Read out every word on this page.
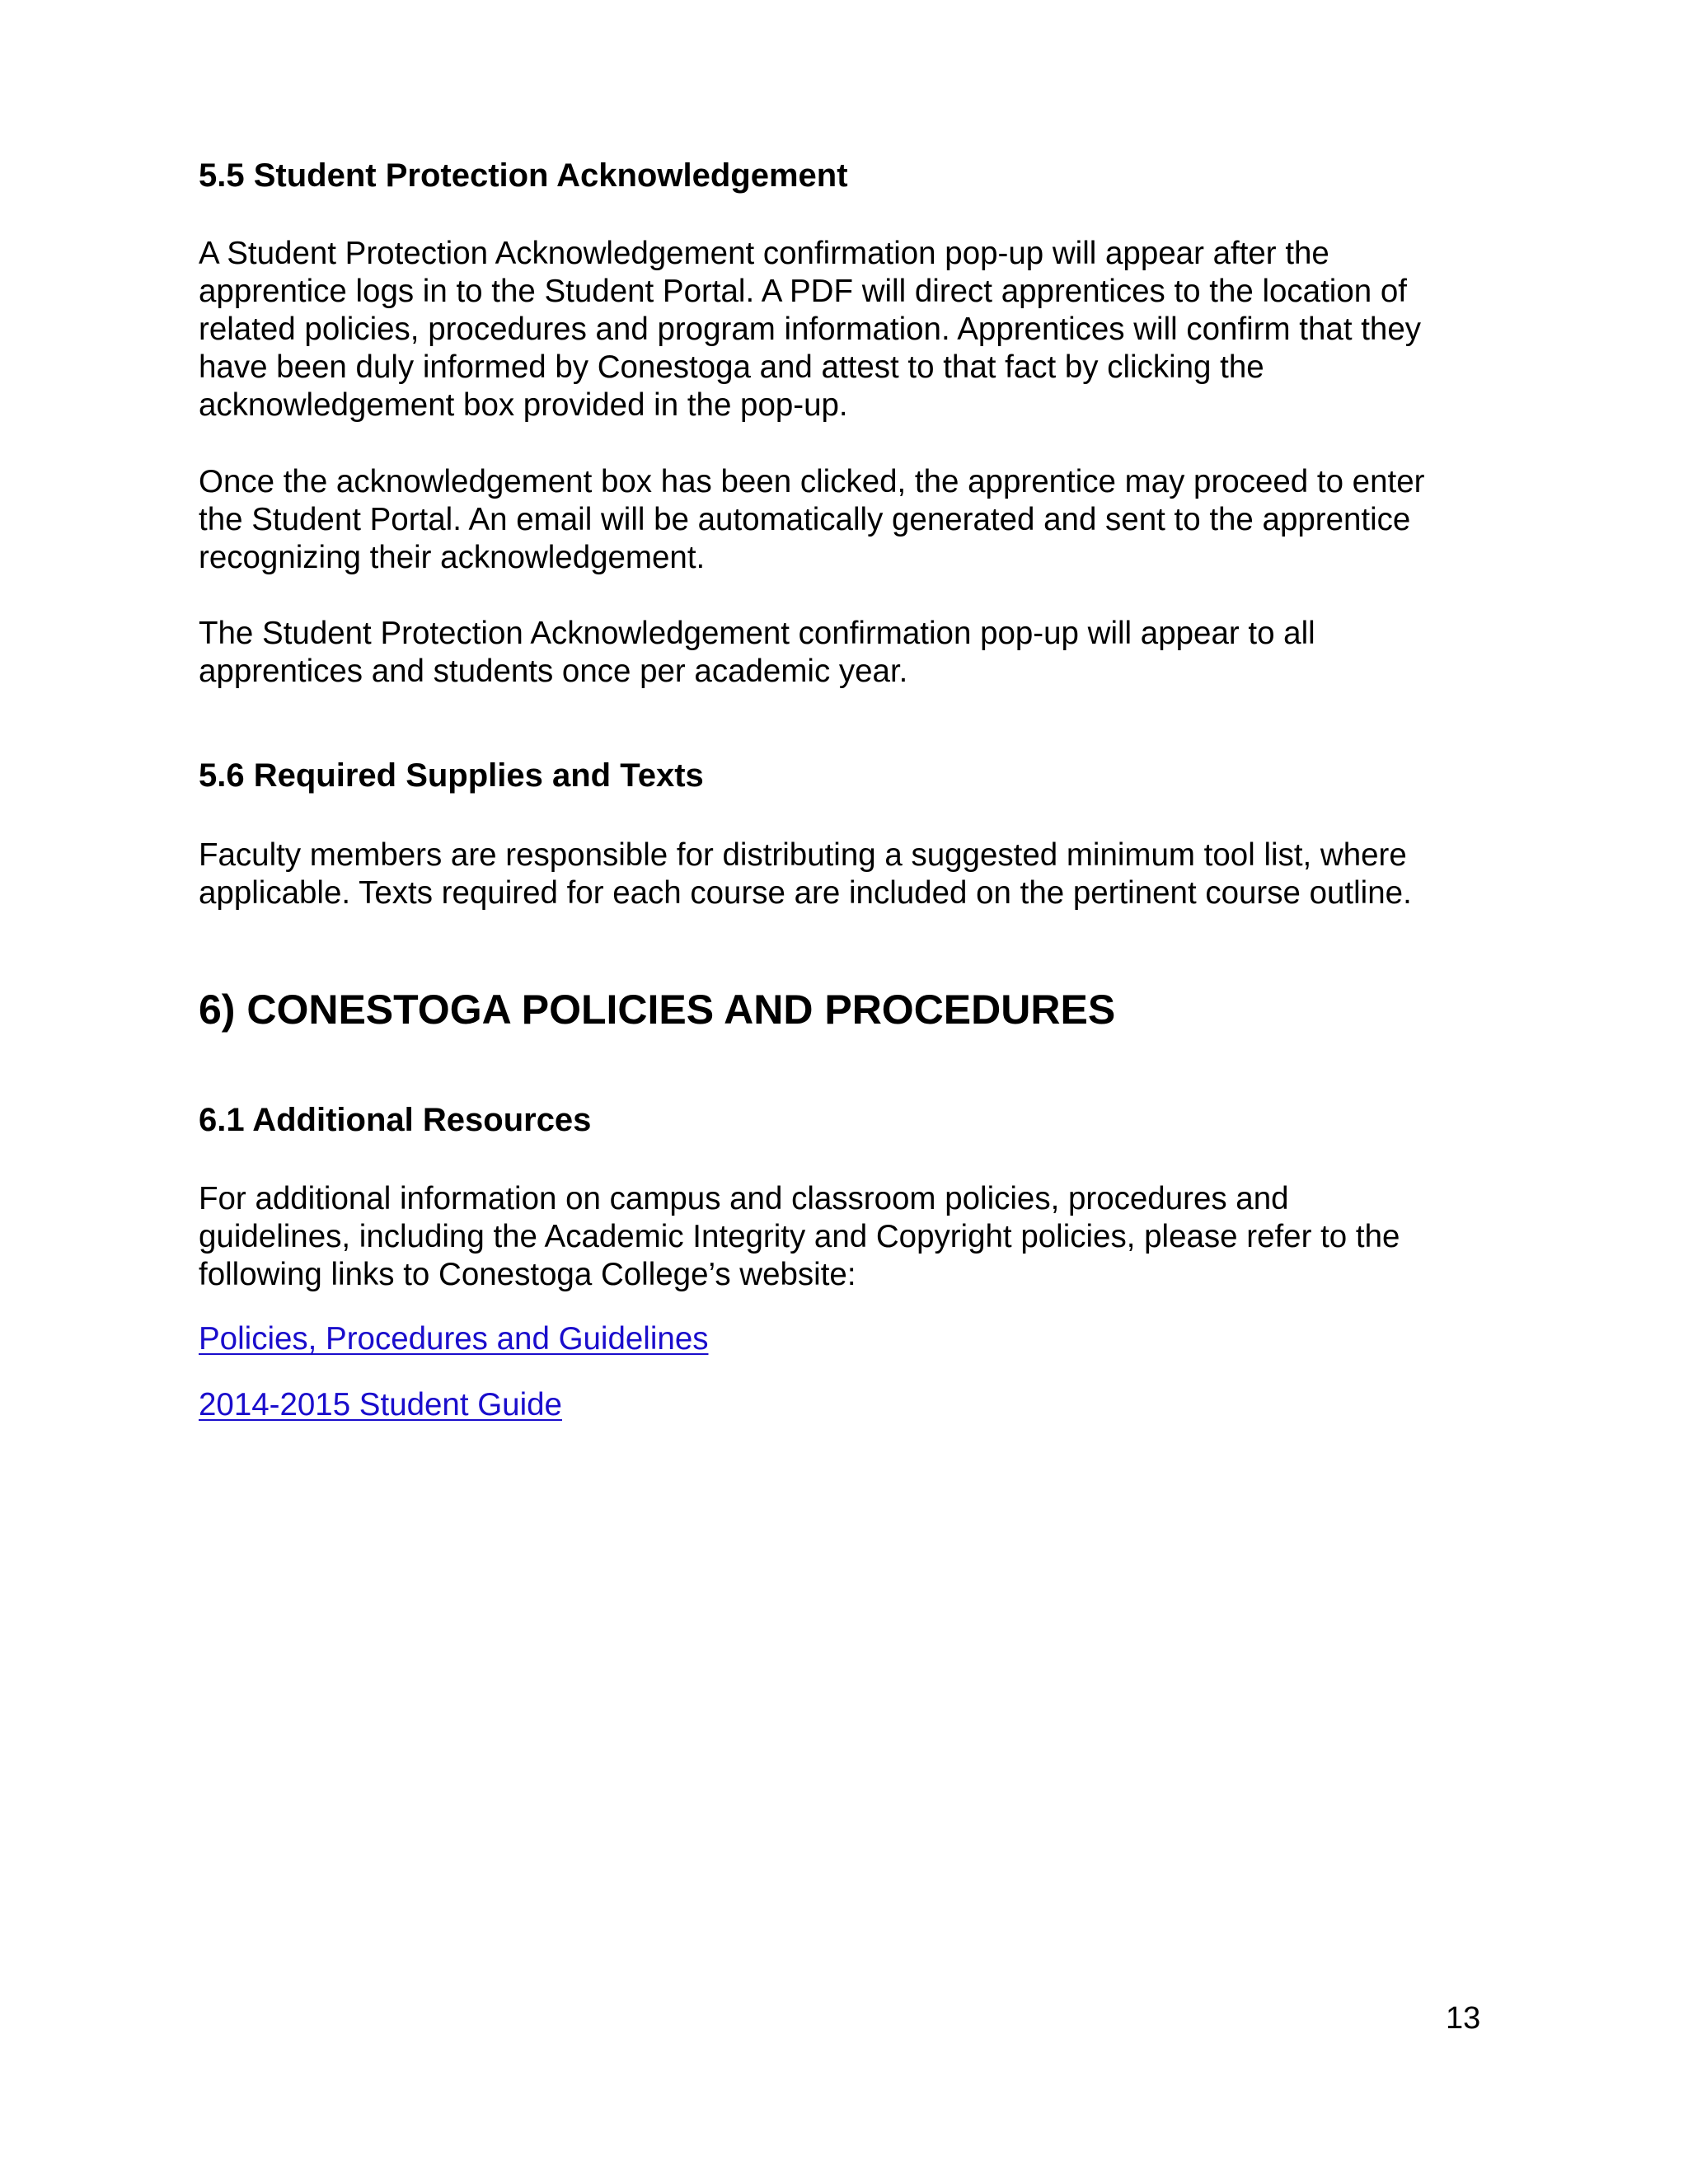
5.5 Student Protection Acknowledgement

A Student Protection Acknowledgement confirmation pop-up will appear after the
apprentice logs in to the Student Portal. A PDF will direct apprentices to the location of
related policies, procedures and program information. Apprentices will confirm that they
have been duly informed by Conestoga and attest to that fact by clicking the
acknowledgement box provided in the pop-up.

Once the acknowledgement box has been clicked, the apprentice may proceed to enter
the Student Portal. An email will be automatically generated and sent to the apprentice
recognizing their acknowledgement.

The Student Protection Acknowledgement confirmation pop-up will appear to all
apprentices and students once per academic year.

5.6 Required Supplies and Texts

Faculty members are responsible for distributing a suggested minimum tool list, where
applicable. Texts required for each course are included on the pertinent course outline.

6) CONESTOGA POLICIES AND PROCEDURES
6.1 Additional Resources

For additional information on campus and classroom policies, procedures and
guidelines, including the Academic Integrity and Copyright policies, please refer to the
following links to Conestoga College’s website:

Policies, Procedures and Guidelines
2014-2015 Student Guide
13
